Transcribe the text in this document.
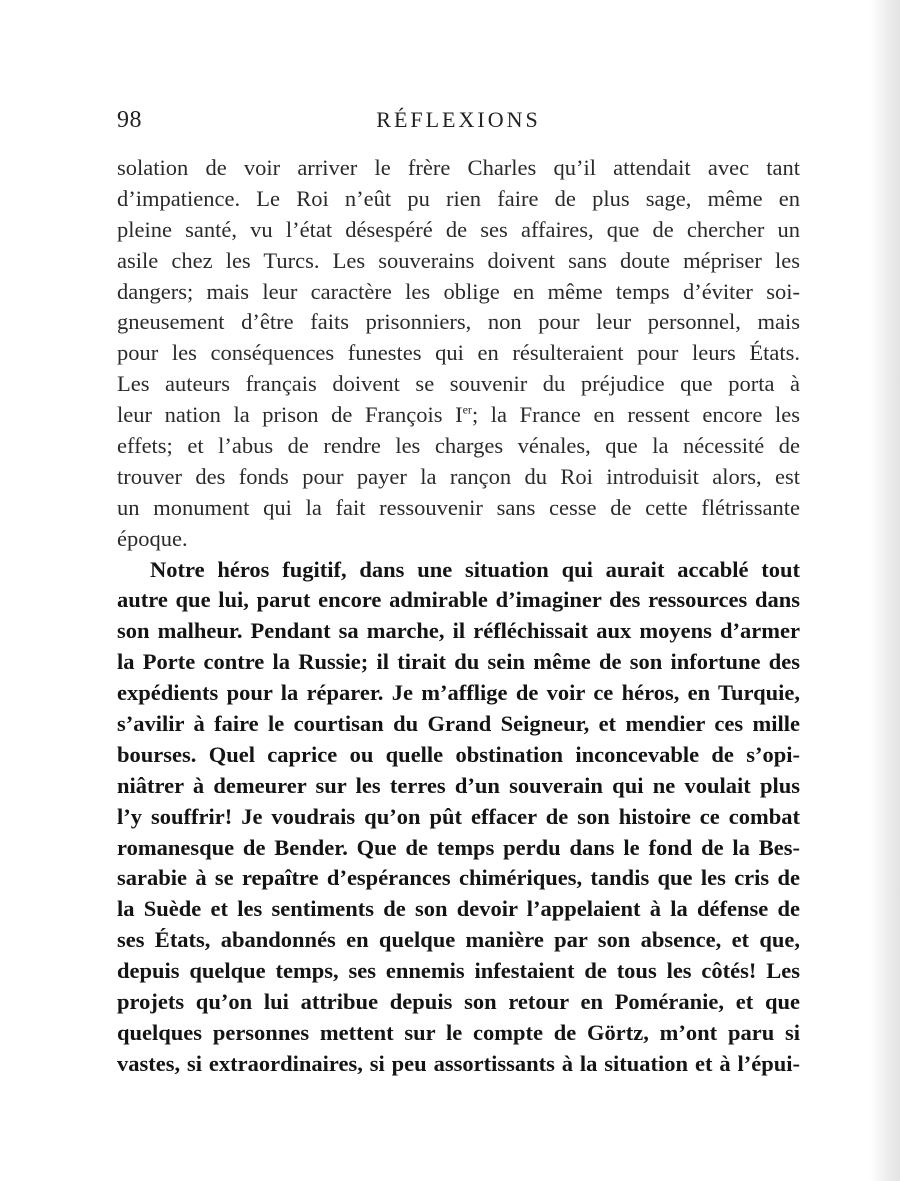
98	RÉFLEXIONS
solation de voir arriver le frère Charles qu’il attendait avec tant
d’impatience. Le Roi n’eût pu rien faire de plus sage, même en
pleine santé, vu l’état désespéré de ses affaires, que de chercher un
asile chez les Turcs. Les souverains doivent sans doute mépriser les
dangers; mais leur caractère les oblige en même temps d’éviter soi-
gneusement d’être faits prisonniers, non pour leur personnel, mais
pour les conséquences funestes qui en résulteraient pour leurs États.
Les auteurs français doivent se souvenir du préjudice que porta à
leur nation la prison de François Ier; la France en ressent encore les
effets; et l’abus de rendre les charges vénales, que la nécessité de
trouver des fonds pour payer la rançon du Roi introduisit alors, est
un monument qui la fait ressouvenir sans cesse de cette flétrissante
époque.
Notre héros fugitif, dans une situation qui aurait accablé tout
autre que lui, parut encore admirable d’imaginer des ressources dans
son malheur. Pendant sa marche, il réfléchissait aux moyens d’armer
la Porte contre la Russie; il tirait du sein même de son infortune des
expédients pour la réparer. Je m’afflige de voir ce héros, en Turquie,
s’avilir à faire le courtisan du Grand Seigneur, et mendier ces mille
bourses. Quel caprice ou quelle obstination inconcevable de s’opi-
niâtrer à demeurer sur les terres d’un souverain qui ne voulait plus
l’y souffrir! Je voudrais qu’on pût effacer de son histoire ce combat
romanesque de Bender. Que de temps perdu dans le fond de la Bes-
sarabie à se repaître d’espérances chimériques, tandis que les cris de
la Suède et les sentiments de son devoir l’appelaient à la défense de
ses États, abandonnés en quelque manière par son absence, et que,
depuis quelque temps, ses ennemis infestaient de tous les côtés! Les
projets qu’on lui attribue depuis son retour en Poméranie, et que
quelques personnes mettent sur le compte de Görtz, m’ont paru si
vastes, si extraordinaires, si peu assortissants à la situation et à l’épui-
